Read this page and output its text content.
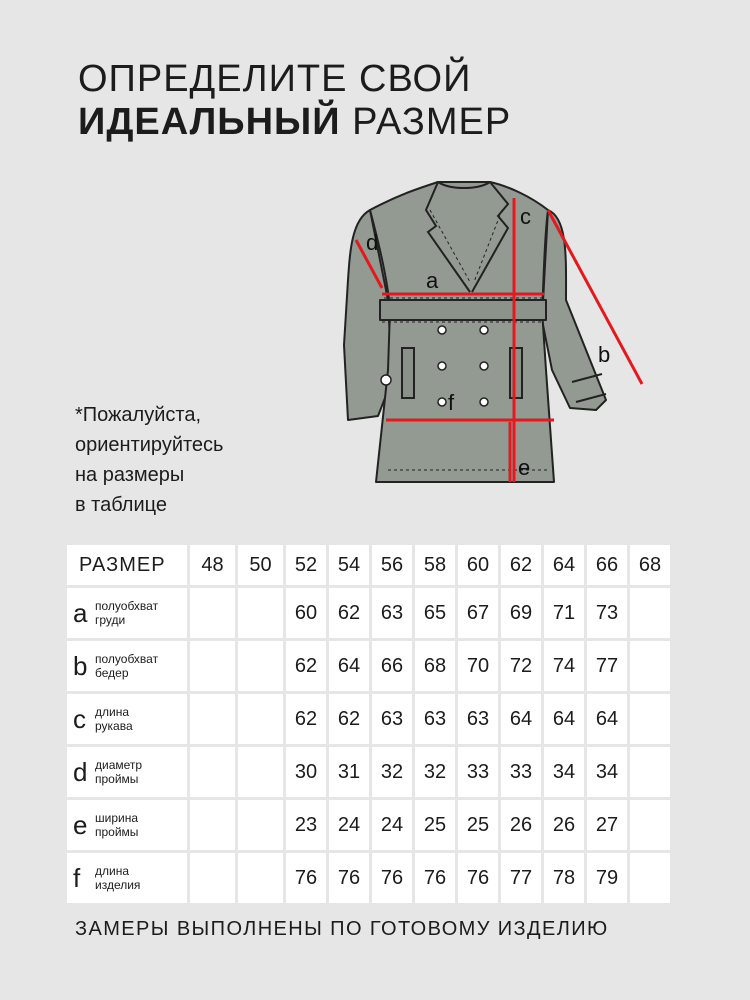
ОПРЕДЕЛИТЕ СВОЙ
ИДЕАЛЬНЫЙ РАЗМЕР
a
b
c
d
e
f
*Пожалуйста,
ориентируйтесь
на размеры
в таблице
РАЗМЕР	48	50	52	54	56	58	60	62	64	66	68

a полуобхват
груди			60	62	63	65	67	69	71	73	

b полуобхват
бедер			62	64	66	68	70	72	74	77	

c длина
рукава			62	62	63	63	63	64	64	64	

d диаметр
проймы			30	31	32	32	33	33	34	34	

e ширина
проймы			23	24	24	25	25	26	26	27	

f длина
изделия			76	76	76	76	76	77	78	79	
ЗАМЕРЫ ВЫПОЛНЕНЫ ПО ГОТОВОМУ ИЗДЕЛИЮ
